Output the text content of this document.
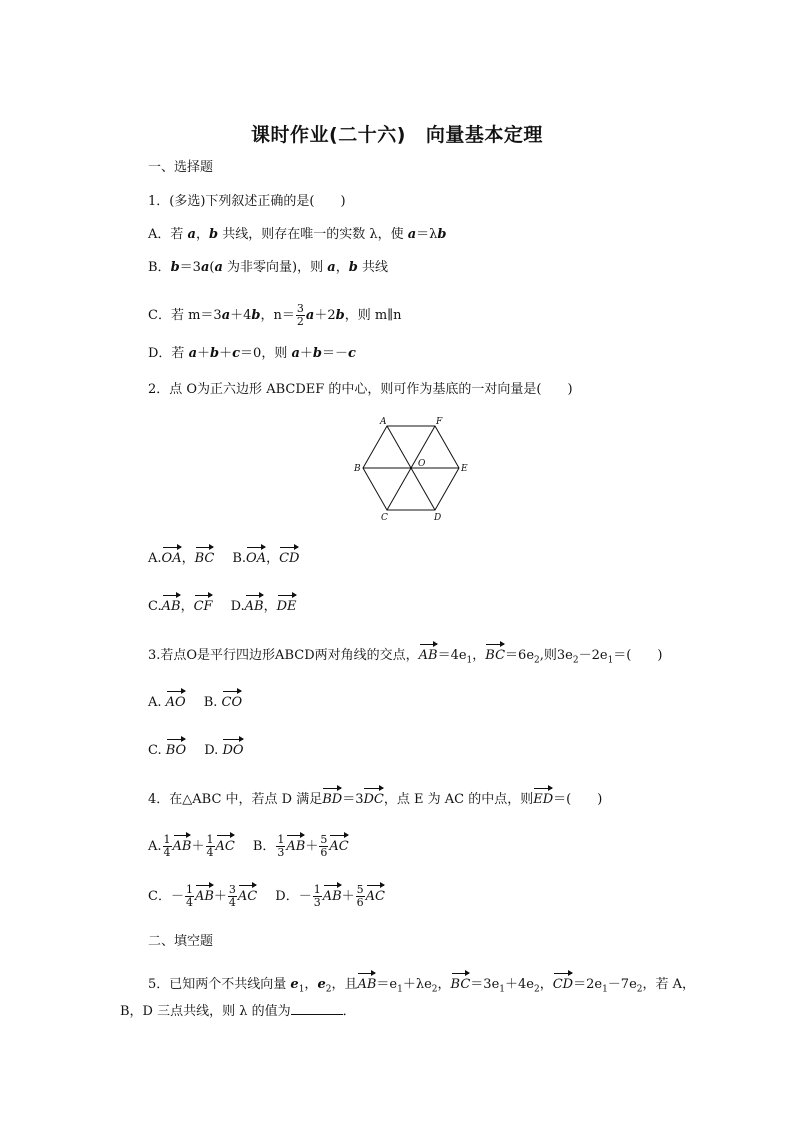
课时作业(二十六) 向量基本定理
一、选择题
1．(多选)下列叙述正确的是(　　)
A．若 a，b 共线，则存在唯一的实数 λ，使 a＝λb
B．b＝3a(a 为非零向量)，则 a，b 共线
C．若 m＝3a＋4b，$n= \frac{3}{2} a+2b$，则 m∥n
D．若 a＋b＋c＝0，则 a＋b＝－c
2．点 O为正六边形 ABCDEF 的中心，则可作为基底的一对向量是(　　)
A	F
B	O	E
C	D
A.OA，BC B.OA，CD
C.AB，CF D.AB，DE
3.若点O是平行四边形ABCD两对角线的交点，$AB=4e_1$，$BC=6e_2$,则$3e_2-2e_1=$(　　)
A. AO B. CO
C. BO D. DO
4．在△ABC 中，若点 D 满足BD＝3DC，点 E 为 AC 的中点，则ED＝(　　)
A. $\frac{1}{4} AB+ \frac{1}{4}$ AC B． $\frac{1}{3} AB+ \frac{5}{6}$ AC
C．－ $\frac{1}{4} AB+ \frac{3}{4}$ AC D．－ $\frac{1}{3} AB+ \frac{5}{6}$ AC
二、填空题
5．已知两个不共线向量 $e_1$，$e_2$，且$AB=e_1+\lambda e_2$，$BC=3e_1+4e_2$，$CD=2e_1-7e_2$，若 A，
B，D 三点共线，则 λ 的值为	．
